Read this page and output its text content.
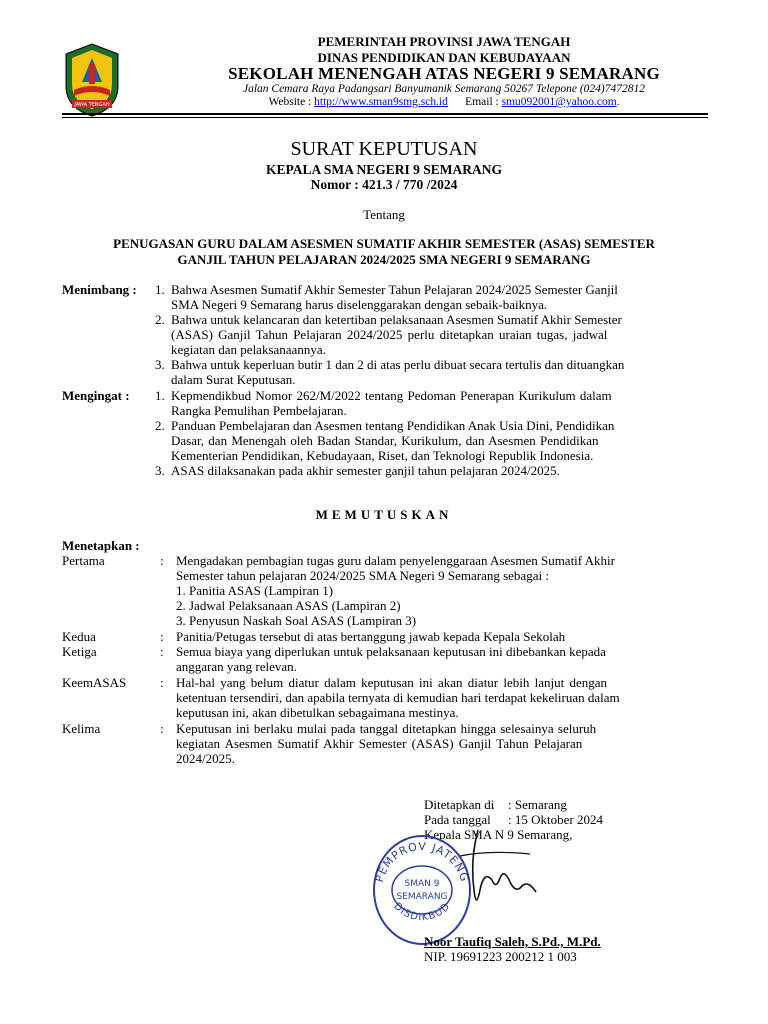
JAWA TENGAH
PEMERINTAH PROVINSI JAWA TENGAH
DINAS PENDIDIKAN DAN KEBUDAYAAN
SEKOLAH MENENGAH ATAS NEGERI 9 SEMARANG
Jalan Cemara Raya Padangsari Banyumanik Semarang 50267 Telepone (024)7472812
Website : http://www.sman9smg.sch.id Email : smu092001@yahoo.com.
SURAT KEPUTUSAN
KEPALA SMA NEGERI 9 SEMARANG
Nomor : 421.3 / 770 /2024
Tentang
PENUGASAN GURU DALAM ASESMEN SUMATIF AKHIR SEMESTER (ASAS) SEMESTER
GANJIL TAHUN PELAJARAN 2024/2025 SMA NEGERI 9 SEMARANG
Menimbang : 1. Bahwa Asesmen Sumatif Akhir Semester Tahun Pelajaran 2024/2025 Semester Ganjil
SMA Negeri 9 Semarang harus diselenggarakan dengan sebaik-baiknya.
2. Bahwa untuk kelancaran dan ketertiban pelaksanaan Asesmen Sumatif Akhir Semester
(ASAS) Ganjil Tahun Pelajaran 2024/2025 perlu ditetapkan uraian tugas, jadwal
kegiatan dan pelaksanaannya.
3. Bahwa untuk keperluan butir 1 dan 2 di atas perlu dibuat secara tertulis dan dituangkan
dalam Surat Keputusan.
Mengingat : 1. Kepmendikbud Nomor 262/M/2022 tentang Pedoman Penerapan Kurikulum dalam
Rangka Pemulihan Pembelajaran.
2. Panduan Pembelajaran dan Asesmen tentang Pendidikan Anak Usia Dini, Pendidikan
Dasar, dan Menengah oleh Badan Standar, Kurikulum, dan Asesmen Pendidikan
Kementerian Pendidikan, Kebudayaan, Riset, dan Teknologi Republik Indonesia.
3. ASAS dilaksanakan pada akhir semester ganjil tahun pelajaran 2024/2025.
MEMUTUSKAN
Menetapkan :
Pertama	: Mengadakan pembagian tugas guru dalam penyelenggaraan Asesmen Sumatif Akhir
Semester tahun pelajaran 2024/2025 SMA Negeri 9 Semarang sebagai :
1. Panitia ASAS (Lampiran 1)
2. Jadwal Pelaksanaan ASAS (Lampiran 2)
3. Penyusun Naskah Soal ASAS (Lampiran 3)
Kedua	: Panitia/Petugas tersebut di atas bertanggung jawab kepada Kepala Sekolah
Ketiga	: Semua biaya yang diperlukan untuk pelaksanaan keputusan ini dibebankan kepada
anggaran yang relevan.
KeemASAS	: Hal-hal yang belum diatur dalam keputusan ini akan diatur lebih lanjut dengan
ketentuan tersendiri, dan apabila ternyata di kemudian hari terdapat kekeliruan dalam
keputusan ini, akan dibetulkan sebagaimana mestinya.
Kelima	: Keputusan ini berlaku mulai pada tanggal ditetapkan hingga selesainya seluruh
kegiatan Asesmen Sumatif Akhir Semester (ASAS) Ganjil Tahun Pelajaran
2024/2025.
Ditetapkan di : Semarang
Pada tanggal : 15 Oktober 2024
Kepala SMA N 9 Semarang,
PEMPROV JATENG
SMAN 9
SEMARANG
DISDIKBUD
Noor Taufiq Saleh, S.Pd., M.Pd.
NIP. 19691223 200212 1 003
